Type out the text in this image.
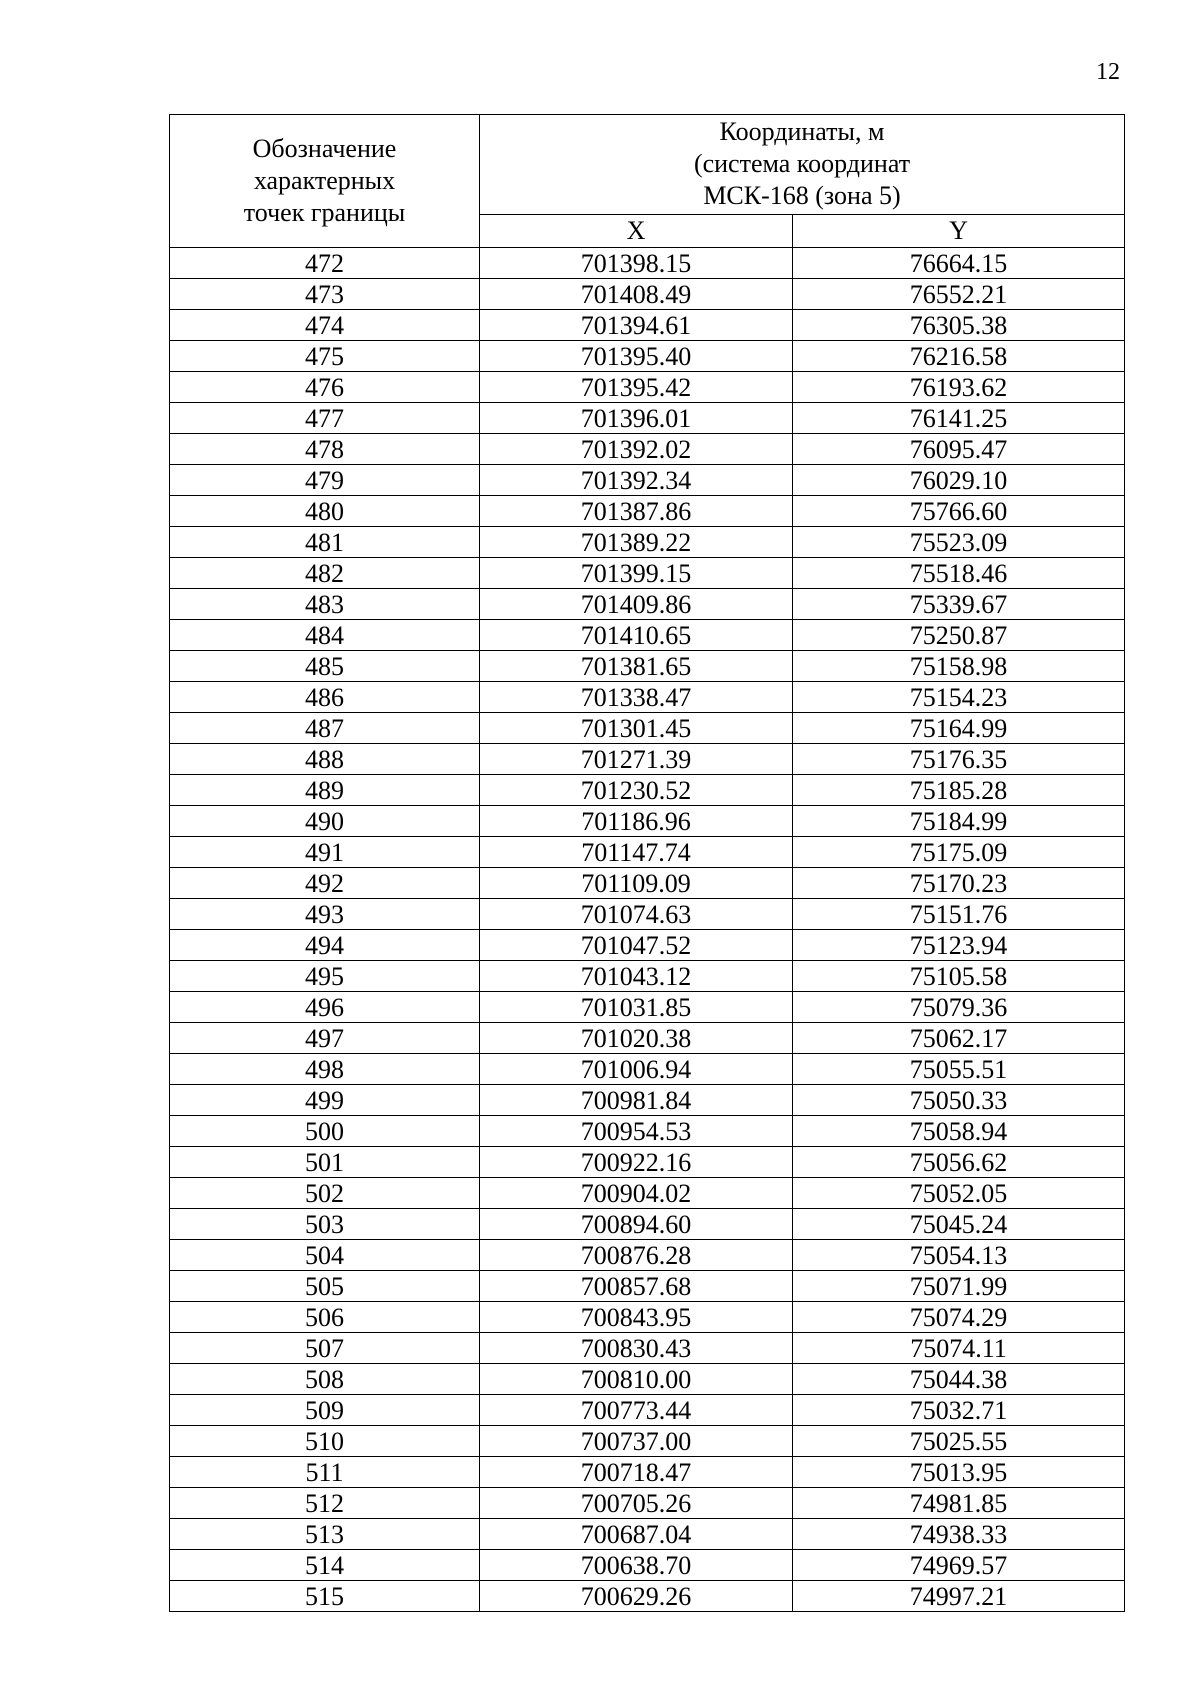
12
Обозначение
характерных
точек границы	Координаты, м
(система координат
МСК-168 (зона 5)	

	X	Y
472	701398.15	76664.15
473	701408.49	76552.21
474	701394.61	76305.38
475	701395.40	76216.58
476	701395.42	76193.62
477	701396.01	76141.25
478	701392.02	76095.47
479	701392.34	76029.10
480	701387.86	75766.60
481	701389.22	75523.09
482	701399.15	75518.46
483	701409.86	75339.67
484	701410.65	75250.87
485	701381.65	75158.98
486	701338.47	75154.23
487	701301.45	75164.99
488	701271.39	75176.35
489	701230.52	75185.28
490	701186.96	75184.99
491	701147.74	75175.09
492	701109.09	75170.23
493	701074.63	75151.76
494	701047.52	75123.94
495	701043.12	75105.58
496	701031.85	75079.36
497	701020.38	75062.17
498	701006.94	75055.51
499	700981.84	75050.33
500	700954.53	75058.94
501	700922.16	75056.62
502	700904.02	75052.05
503	700894.60	75045.24
504	700876.28	75054.13
505	700857.68	75071.99
506	700843.95	75074.29
507	700830.43	75074.11
508	700810.00	75044.38
509	700773.44	75032.71
510	700737.00	75025.55
511	700718.47	75013.95
512	700705.26	74981.85
513	700687.04	74938.33
514	700638.70	74969.57
515	700629.26	74997.21
